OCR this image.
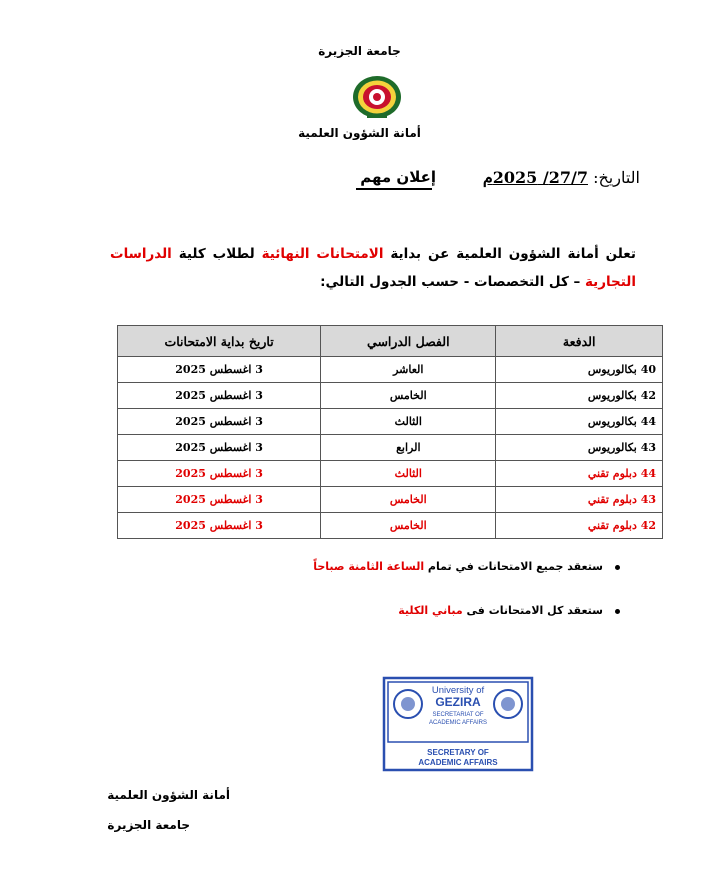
جامعة الجزيرة
أمانة الشؤون العلمية
التاريخ: 27/7/ 2025م
إعلان مهم
تعلن أمانة الشؤون العلمية عن بداية الامتحانات النهائية لطلاب كلية الدراسات التجارية – كل التخصصات - حسب الجدول التالي:
الدفعة	الفصل الدراسي	تاريخ بداية الامتحانات
40 بكالوريوس	العاشر	3 اغسطس 2025
42 بكالوريوس	الخامس	3 اغسطس 2025
44 بكالوريوس	الثالث	3 اغسطس 2025
43 بكالوريوس	الرابع	3 اغسطس 2025
44 دبلوم تقني	الثالث	3 اغسطس 2025
43 دبلوم تقني	الخامس	3 اغسطس 2025
42 دبلوم تقني	الخامس	3 اغسطس 2025
ستعقد جميع الامتحانات في تمام الساعة الثامنة صباحاً
ستعقد كل الامتحانات فى مباني الكلية
University of
GEZIRA
SECRETARIAT OF
ACADEMIC AFFAIRS
SECRETARY OF
ACADEMIC AFFAIRS
أمانة الشؤون العلمية
جامعة الجزيرة
